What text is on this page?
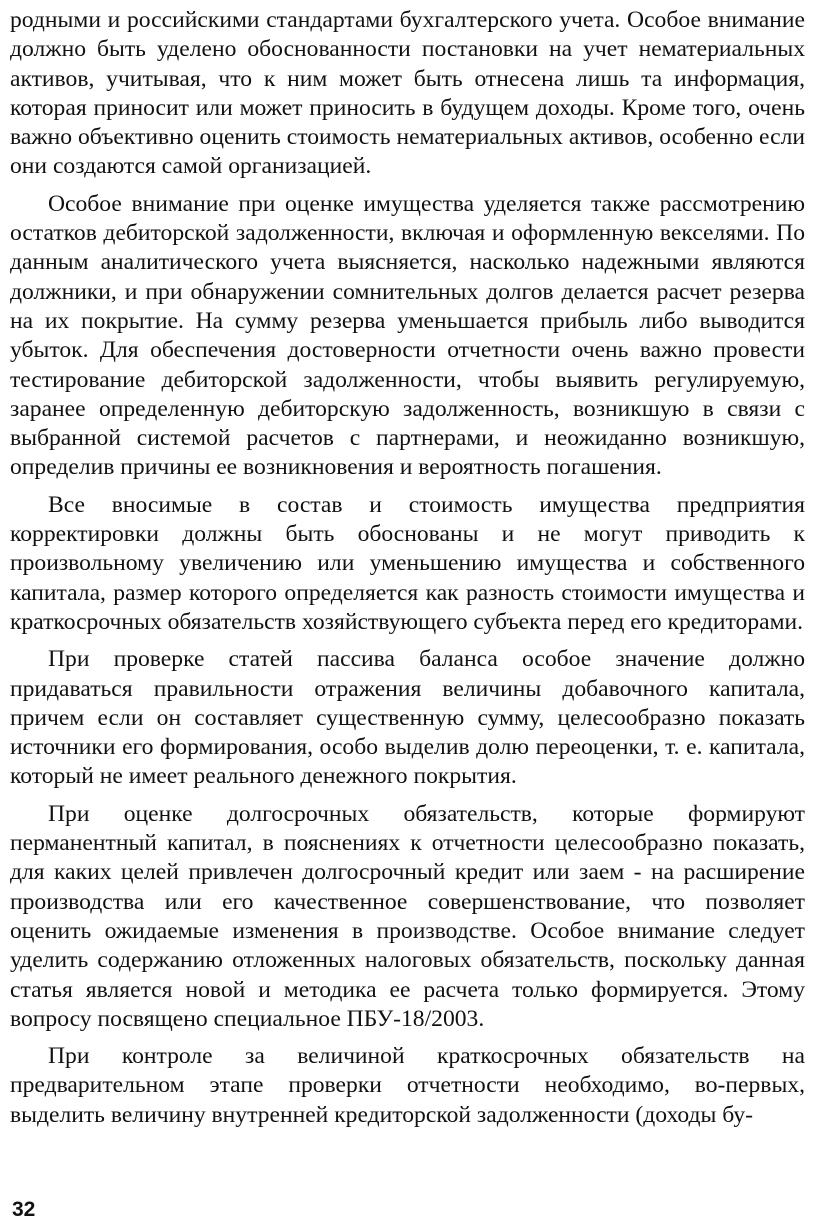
родными и российскими стандартами бухгалтерского учета. Особое внимание должно быть уделено обоснованности постановки на учет нематериальных активов, учитывая, что к ним может быть отнесена лишь та информация, которая приносит или может приносить в будущем доходы. Кроме того, очень важно объективно оценить стоимость нематериальных активов, особенно если они создаются самой организацией.

Особое внимание при оценке имущества уделяется также рассмотрению остатков дебиторской задолженности, включая и оформленную векселями. По данным аналитического учета выясняется, насколько надежными являются должники, и при обнаружении сомнительных долгов делается расчет резерва на их покрытие. На сумму резерва уменьшается прибыль либо выводится убыток. Для обеспечения достоверности отчетности очень важно провести тестирование дебиторской задолженности, чтобы выявить регулируемую, заранее определенную дебиторскую задолженность, возникшую в связи с выбранной системой расчетов с партнерами, и неожиданно возникшую, определив причины ее возникновения и вероятность погашения.

Все вносимые в состав и стоимость имущества предприятия корректировки должны быть обоснованы и не могут приводить к произвольному увеличению или уменьшению имущества и собственного капитала, размер которого определяется как разность стоимости имущества и краткосрочных обязательств хозяйствующего субъекта перед его кредиторами.

При проверке статей пассива баланса особое значение должно придаваться правильности отражения величины добавочного капитала, причем если он составляет существенную сумму, целесообразно показать источники его формирования, особо выделив долю переоценки, т. е. капитала, который не имеет реального денежного покрытия.

При оценке долгосрочных обязательств, которые формируют перманентный капитал, в пояснениях к отчетности целесообразно показать, для каких целей привлечен долгосрочный кредит или заем - на расширение производства или его качественное совершенствование, что позволяет оценить ожидаемые изменения в производстве. Особое внимание следует уделить содержанию отложенных налоговых обязательств, поскольку данная статья является новой и методика ее расчета только формируется. Этому вопросу посвящено специальное ПБУ-18/2003.

При контроле за величиной краткосрочных обязательств на предварительном этапе проверки отчетности необходимо, во-первых, выделить величину внутренней кредиторской задолженности (доходы бу-

32
